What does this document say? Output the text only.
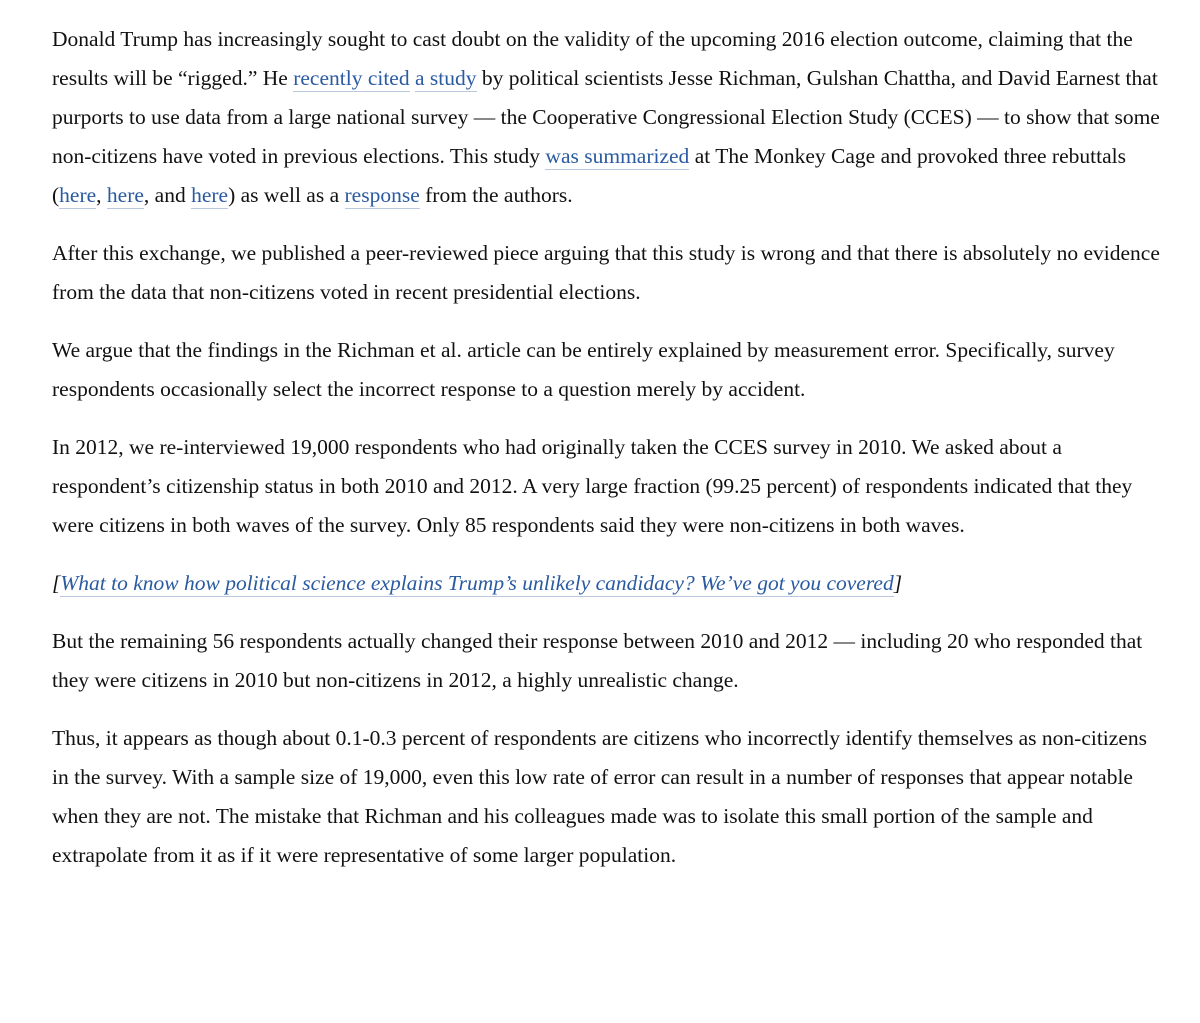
Donald Trump has increasingly sought to cast doubt on the validity of the upcoming 2016 election outcome, claiming that the results will be “rigged.” He recently cited a study by political scientists Jesse Richman, Gulshan Chattha, and David Earnest that purports to use data from a large national survey — the Cooperative Congressional Election Study (CCES) — to show that some non-citizens have voted in previous elections. This study was summarized at The Monkey Cage and provoked three rebuttals (here, here, and here) as well as a response from the authors.

After this exchange, we published a peer-reviewed piece arguing that this study is wrong and that there is absolutely no evidence from the data that non-citizens voted in recent presidential elections.

We argue that the findings in the Richman et al. article can be entirely explained by measurement error. Specifically, survey respondents occasionally select the incorrect response to a question merely by accident.

In 2012, we re-interviewed 19,000 respondents who had originally taken the CCES survey in 2010. We asked about a respondent’s citizenship status in both 2010 and 2012. A very large fraction (99.25 percent) of respondents indicated that they were citizens in both waves of the survey. Only 85 respondents said they were non-citizens in both waves.

[What to know how political science explains Trump’s unlikely candidacy? We’ve got you covered]

But the remaining 56 respondents actually changed their response between 2010 and 2012 — including 20 who responded that they were citizens in 2010 but non-citizens in 2012, a highly unrealistic change.

Thus, it appears as though about 0.1-0.3 percent of respondents are citizens who incorrectly identify themselves as non-citizens in the survey. With a sample size of 19,000, even this low rate of error can result in a number of responses that appear notable when they are not. The mistake that Richman and his colleagues made was to isolate this small portion of the sample and extrapolate from it as if it were representative of some larger population.
